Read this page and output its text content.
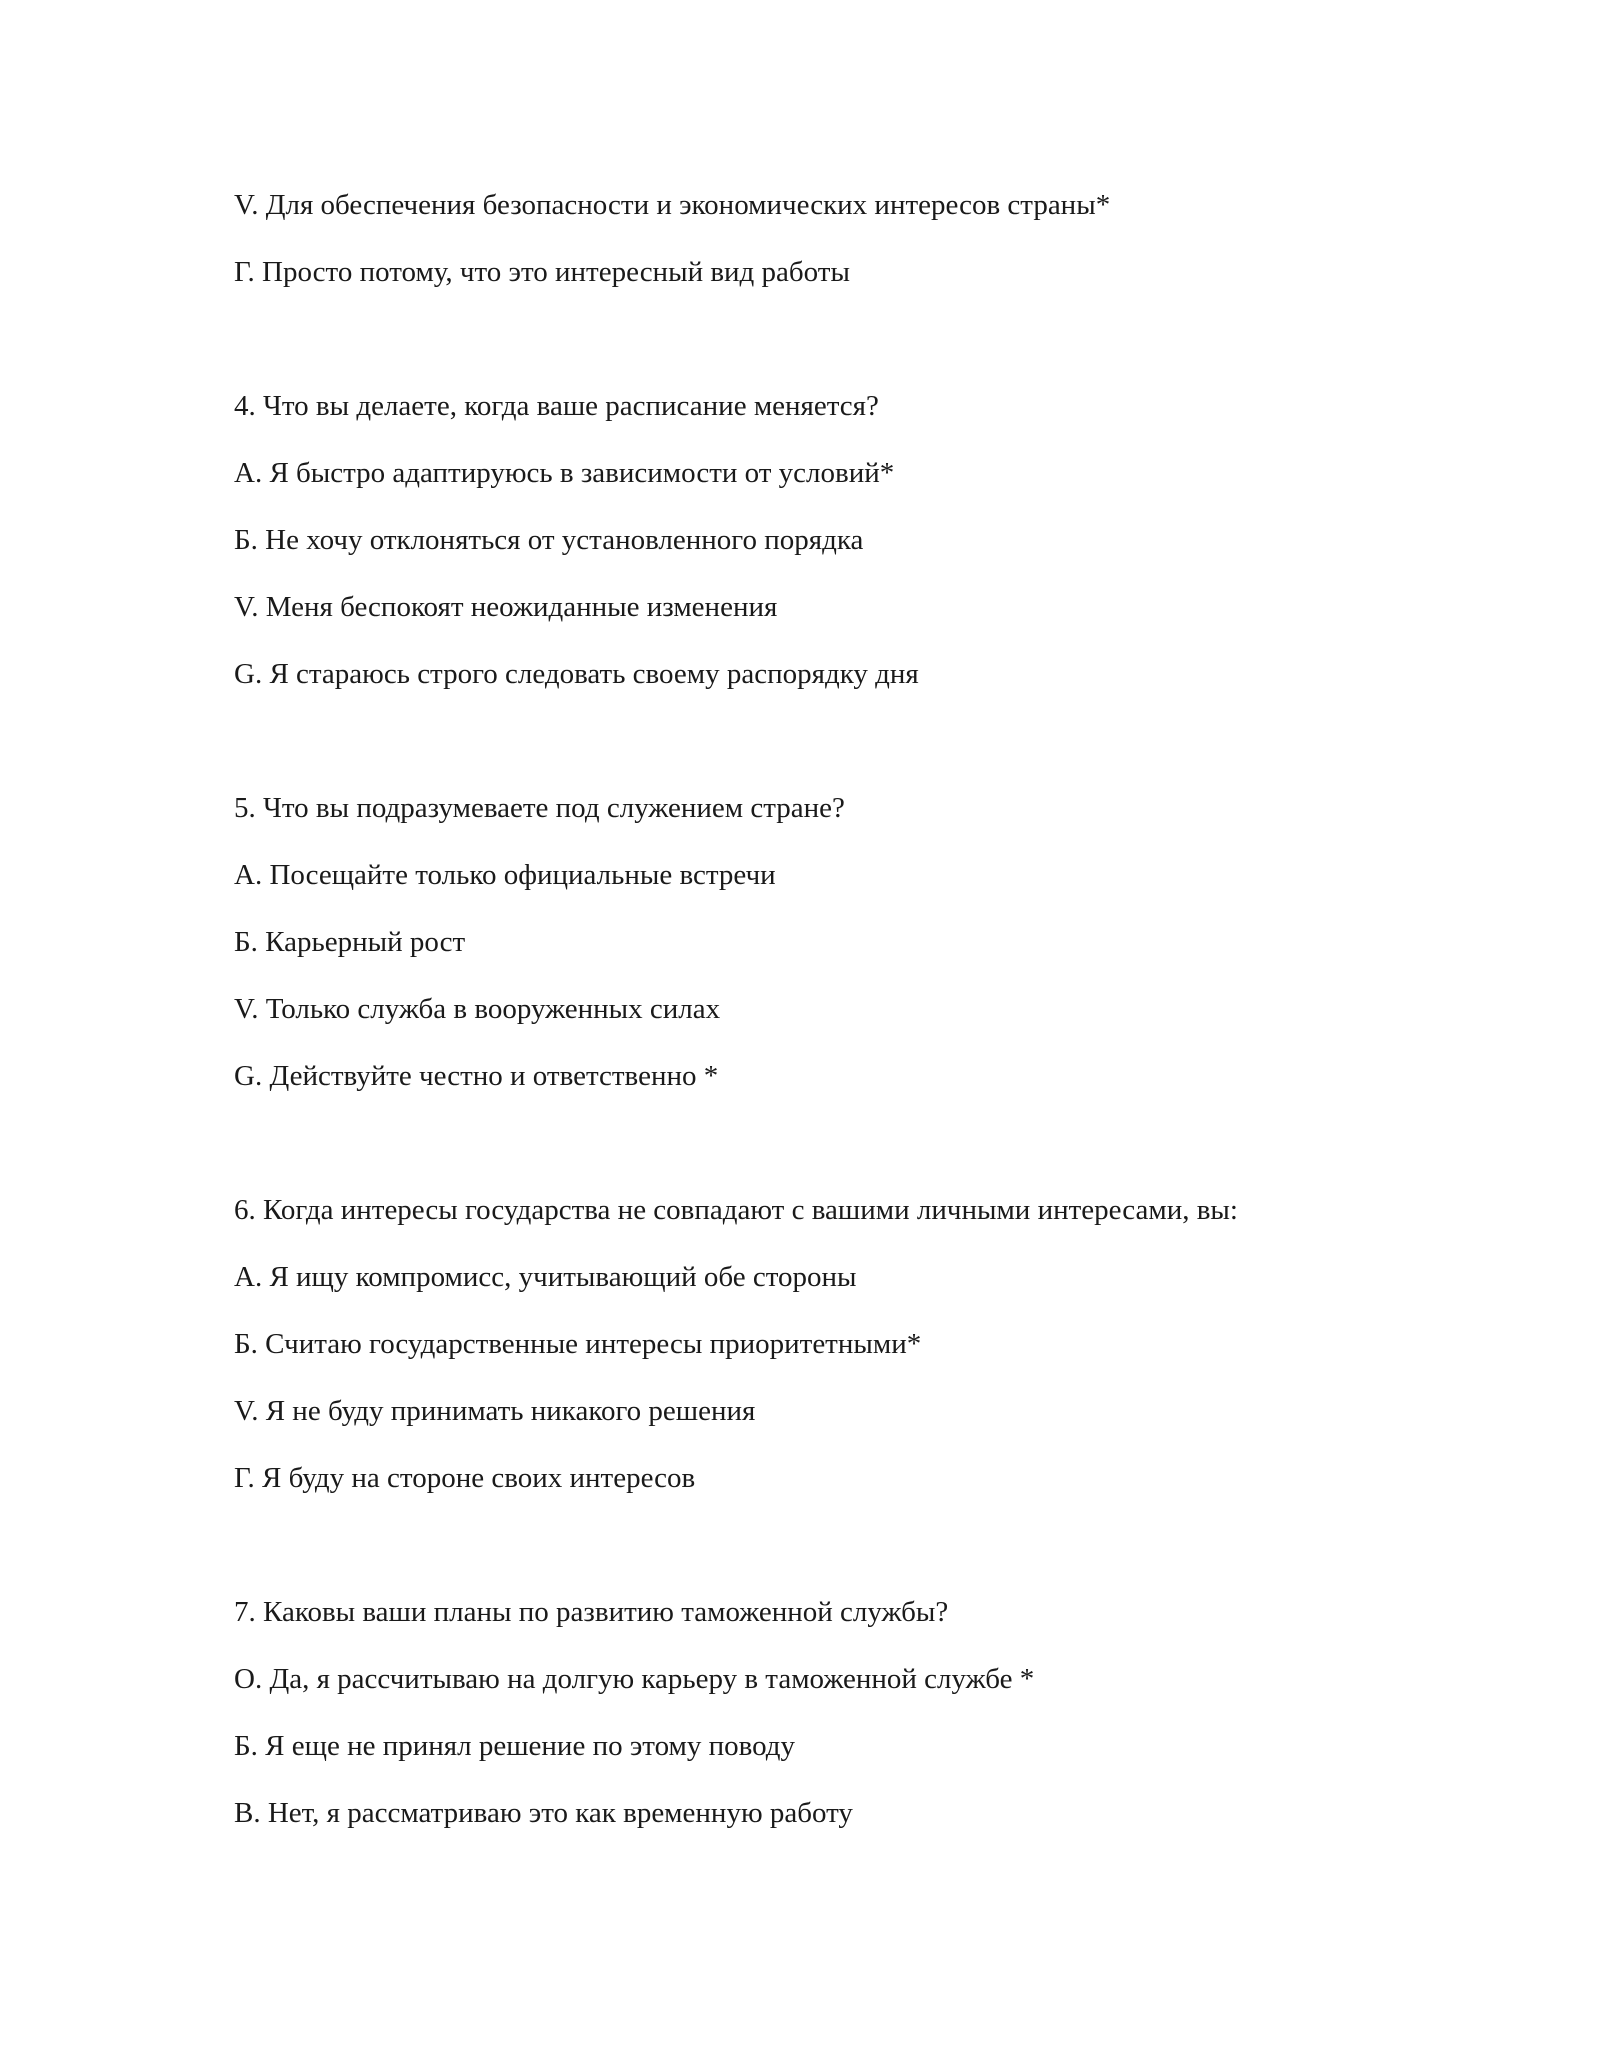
V. Для обеспечения безопасности и экономических интересов страны*
Г. Просто потому, что это интересный вид работы
4. Что вы делаете, когда ваше расписание меняется?
А. Я быстро адаптируюсь в зависимости от условий*
Б. Не хочу отклоняться от установленного порядка
V. Меня беспокоят неожиданные изменения
G. Я стараюсь строго следовать своему распорядку дня
5. Что вы подразумеваете под служением стране?
А. Посещайте только официальные встречи
Б. Карьерный рост
V. Только служба в вооруженных силах
G. Действуйте честно и ответственно *
6. Когда интересы государства не совпадают с вашими личными интересами, вы:
А. Я ищу компромисс, учитывающий обе стороны
Б. Считаю государственные интересы приоритетными*
V. Я не буду принимать никакого решения
Г. Я буду на стороне своих интересов
7. Каковы ваши планы по развитию таможенной службы?
О. Да, я рассчитываю на долгую карьеру в таможенной службе *
Б. Я еще не принял решение по этому поводу
В. Нет, я рассматриваю это как временную работу
